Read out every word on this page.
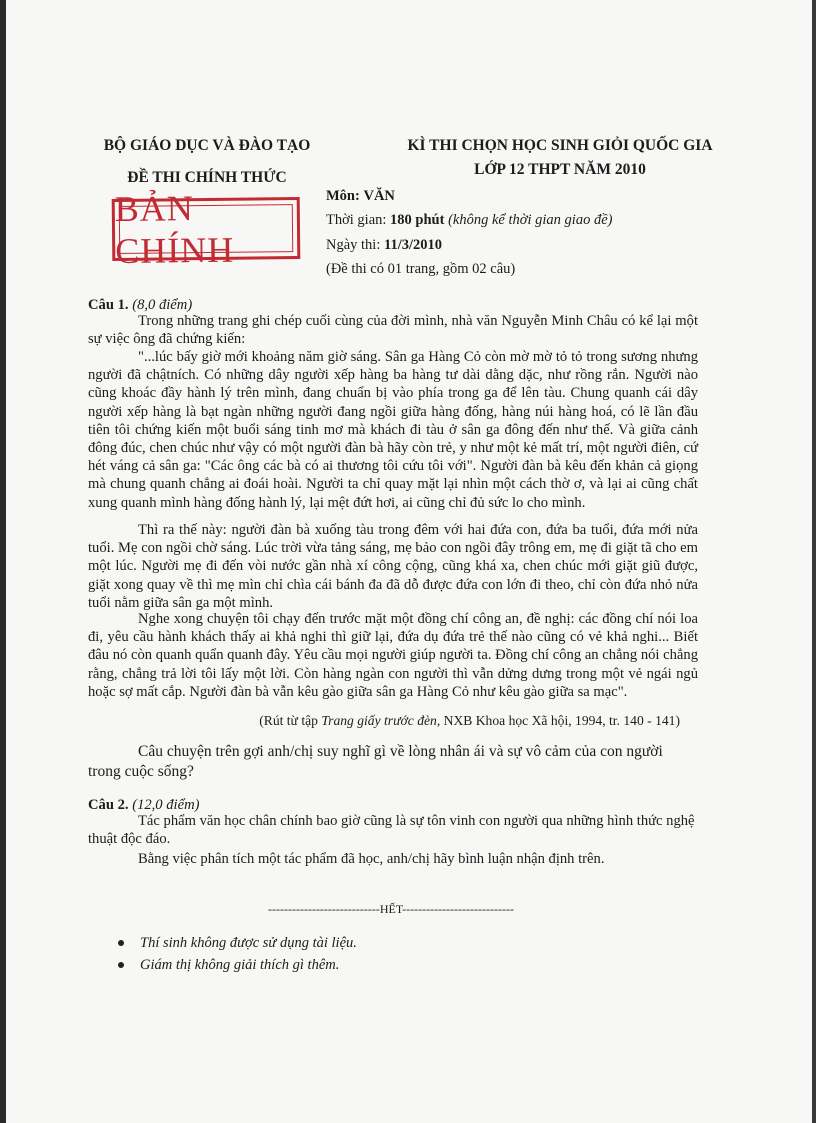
BỘ GIÁO DỤC VÀ ĐÀO TẠO
ĐỀ THI CHÍNH THỨC
BẢN CHÍNH
KÌ THI CHỌN HỌC SINH GIỎI QUỐC GIA
LỚP 12 THPT NĂM 2010
Môn: VĂN
Thời gian: 180 phút (không kể thời gian giao đề)
Ngày thi: 11/3/2010
(Đề thi có 01 trang, gồm 02 câu)
Câu 1. (8,0 điểm)
Trong những trang ghi chép cuối cùng của đời mình, nhà văn Nguyễn Minh Châu có kể lại một sự việc ông đã chứng kiến:
"...lúc bấy giờ mới khoảng năm giờ sáng. Sân ga Hàng Cỏ còn mờ mờ tỏ tỏ trong sương nhưng người đã chậtních. Có những dây người xếp hàng ba hàng tư dài dằng dặc, như rồng rắn. Người nào cũng khoác đầy hành lý trên mình, đang chuẩn bị vào phía trong ga để lên tàu. Chung quanh cái dây người xếp hàng là bạt ngàn những người đang ngồi giữa hàng đống, hàng núi hàng hoá, có lẽ lần đầu tiên tôi chứng kiến một buổi sáng tinh mơ mà khách đi tàu ở sân ga đông đến như thế. Và giữa cảnh đông đúc, chen chúc như vậy có một người đàn bà hãy còn trẻ, y như một kẻ mất trí, một người điên, cứ hét váng cả sân ga: "Các ông các bà có ai thương tôi cứu tôi với". Người đàn bà kêu đến khản cả giọng mà chung quanh chẳng ai đoái hoài. Người ta chỉ quay mặt lại nhìn một cách thờ ơ, và lại ai cũng chất xung quanh mình hàng đống hành lý, lại mệt đứt hơi, ai cũng chỉ đủ sức lo cho mình.
Thì ra thế này: người đàn bà xuống tàu trong đêm với hai đứa con, đứa ba tuổi, đứa mới nửa tuổi. Mẹ con ngồi chờ sáng. Lúc trời vừa tảng sáng, mẹ bảo con ngồi đây trông em, mẹ đi giặt tã cho em một lúc. Người mẹ đi đến vòi nước gần nhà xí công cộng, cũng khá xa, chen chúc mới giặt giũ được, giặt xong quay về thì mẹ mìn chỉ chìa cái bánh đa đã dỗ được đứa con lớn đi theo, chỉ còn đứa nhỏ nửa tuổi nằm giữa sân ga một mình.
Nghe xong chuyện tôi chạy đến trước mặt một đồng chí công an, đề nghị: các đồng chí nói loa đi, yêu cầu hành khách thấy ai khả nghi thì giữ lại, đứa dụ đứa trẻ thế nào cũng có vẻ khả nghi... Biết đâu nó còn quanh quẩn quanh đây. Yêu cầu mọi người giúp người ta. Đồng chí công an chẳng nói chẳng rằng, chẳng trả lời tôi lấy một lời. Còn hàng ngàn con người thì vẫn dửng dưng trong một vẻ ngái ngủ hoặc sợ mất cắp. Người đàn bà vẫn kêu gào giữa sân ga Hàng Cỏ như kêu gào giữa sa mạc".
(Rút từ tập Trang giấy trước đèn, NXB Khoa học Xã hội, 1994, tr. 140 - 141)
Câu chuyện trên gợi anh/chị suy nghĩ gì về lòng nhân ái và sự vô cảm của con người trong cuộc sống?
Câu 2. (12,0 điểm)
Tác phẩm văn học chân chính bao giờ cũng là sự tôn vinh con người qua những hình thức nghệ thuật độc đáo.
Bằng việc phân tích một tác phẩm đã học, anh/chị hãy bình luận nhận định trên.
----------------------------HẾT----------------------------
Thí sinh không được sử dụng tài liệu.
Giám thị không giải thích gì thêm.
